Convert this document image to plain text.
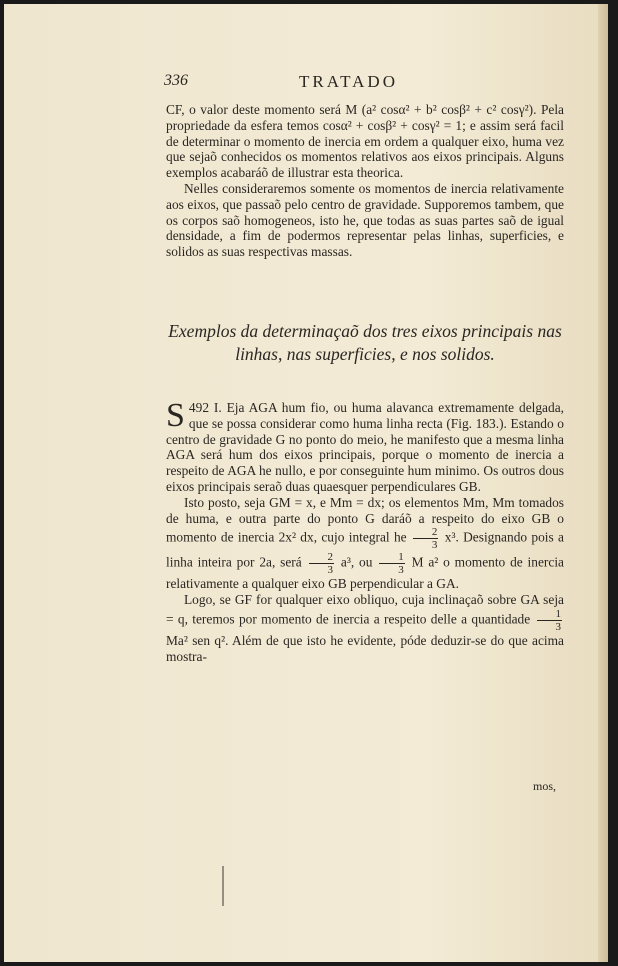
336	TRATADO

CF, o valor deste momento será M (a² cosα² + b² cosβ² + c² cosγ²). Pela propriedade da esfera temos cosα² + cosβ² + cosγ² = 1; e assim será facil de determinar o momento de inercia em ordem a qualquer eixo, huma vez que sejaõ conhecidos os momentos relativos aos eixos principais. Alguns exemplos acabaráõ de illustrar esta theorica.

Nelles consideraremos somente os momentos de inercia relativamente aos eixos, que passaõ pelo centro de gravidade. Supporemos tambem, que os corpos saõ homogeneos, isto he, que todas as suas partes saõ de igual densidade, a fim de podermos representar pelas linhas, superficies, e solidos as suas respectivas massas.

Exemplos da determinaçaõ dos tres eixos principais nas linhas, nas superficies, e nos solidos.

492 I.
S	Eja AGA hum fio, ou huma alavanca extremamente delgada, que se possa considerar como huma linha recta (Fig. 183.). Estando o centro de gravidade G no ponto do meio, he manifesto que a mesma linha AGA será hum dos eixos principais, porque o momento de inercia a respeito de AGA he nullo, e por conseguinte hum minimo. Os outros dous eixos principais seraõ duas quaesquer perpendiculares GB.

Isto posto, seja GM = x, e Mm = dx; os elementos Mm, Mm tomados de huma, e outra parte do ponto G daráõ a respeito do eixo GB o momento de inercia 2x² dx, cujo integral he $\frac{2}{3} x^3$. Designando pois a linha inteira por 2a, será $\frac{2}{3} a^3$, ou $\frac{1}{3}$ M a² o momento de inercia relativamente a qualquer eixo GB perpendicular a GA.

Logo, se GF for qualquer eixo obliquo, cuja inclinaçaõ sobre GA seja = q, teremos por momento de inercia a respeito delle a quantidade $\frac{1}{3}$
Ma² sen q². Além de que isto he evidente, póde deduzir-se do que acima mostra-

mos,
